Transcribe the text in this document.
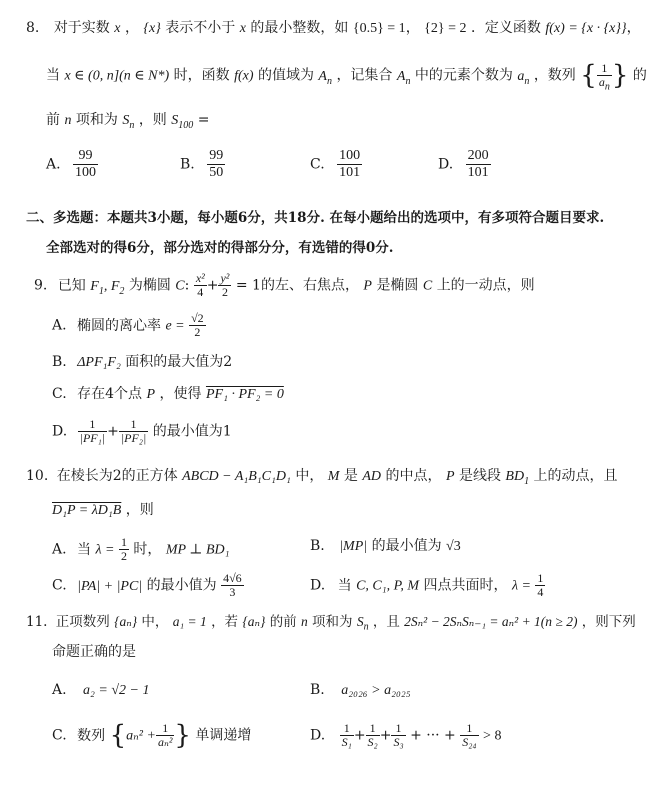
8. 对于实数 x ， {x} 表示不小于 x 的最小整数，如 {0.5} = 1， {2} = 2 ．定义函数 f(x) = {x · {x}}，
当 x ∈ (0, n](n ∈ N*) 时，函数 f(x) 的值域为 $A_n$ ，记集合 $A_n$ 中的元素个数为 $a_n$ ，数列 { $\frac{1}{a_n}$ } 的
前 n 项和为 $S_n$ ，则 $S_{100}$ =
A. $\frac{99}{100}$	B. $\frac{99}{50}$	C. $\frac{100}{101}$	D. $\frac{200}{101}$
二、多选题：本题共3小题，每小题6分，共18分. 在每小题给出的选项中，有多项符合题目要求.
全部选对的得6分，部分选对的得部分分，有选错的得0分.
9. 已知 $F_1$, $F_2$ 为椭圆 C: $\frac{\text{x²}}{4} + \frac{\text{y²}}{2} = 1$的左、右焦点， P 是椭圆 C 上的一动点，则
A. 椭圆的离心率 $e = \frac{√2}{2}$
B. ΔPF₁F₂ 面积的最大值为2
C. 存在4个点 P ，使得 PF₁ · PF₂ = 0
D. $\frac{1}{\text{|PF₁|}} + \frac{1}{\text{|PF₂|}}$ 的最小值为1
10. 在棱长为2的正方体 ABCD − A₁B₁C₁D₁ 中， M 是 AD 的中点， P 是线段 $BD_1$ 上的动点，且
D₁P = λD₁B ，则
A. 当 $\lambda = \frac{1}{2}$ 时， MP ⊥ BD₁	B. |MP| 的最小值为 √3
C. |PA| + |PC| 的最小值为 $\frac{4√6}{3}$	D. 当 C, C₁, P, M 四点共面时， $\lambda = \frac{1}{4}$
11. 正项数列 {aₙ} 中， a₁ = 1 ，若 {aₙ} 的前 n 项和为 $S_n$ ，且 2Sₙ² − 2SₙSₙ₋₁ = aₙ² + 1(n ≥ 2) ，则下列
命题正确的是
A. a₂ = √2 − 1	B. a₂₀₂₆ > a₂₀₂₅
C. 数列 {$a_n^2 + \frac{1}{\text{aₙ²}}$ } 单调递增	D. $\frac{1}{\text{S₁}} + \frac{1}{\text{S₂}} + \frac{1}{\text{S₃}}$ + ··· + $\frac{1}{\text{S₂₄}} > 8$
